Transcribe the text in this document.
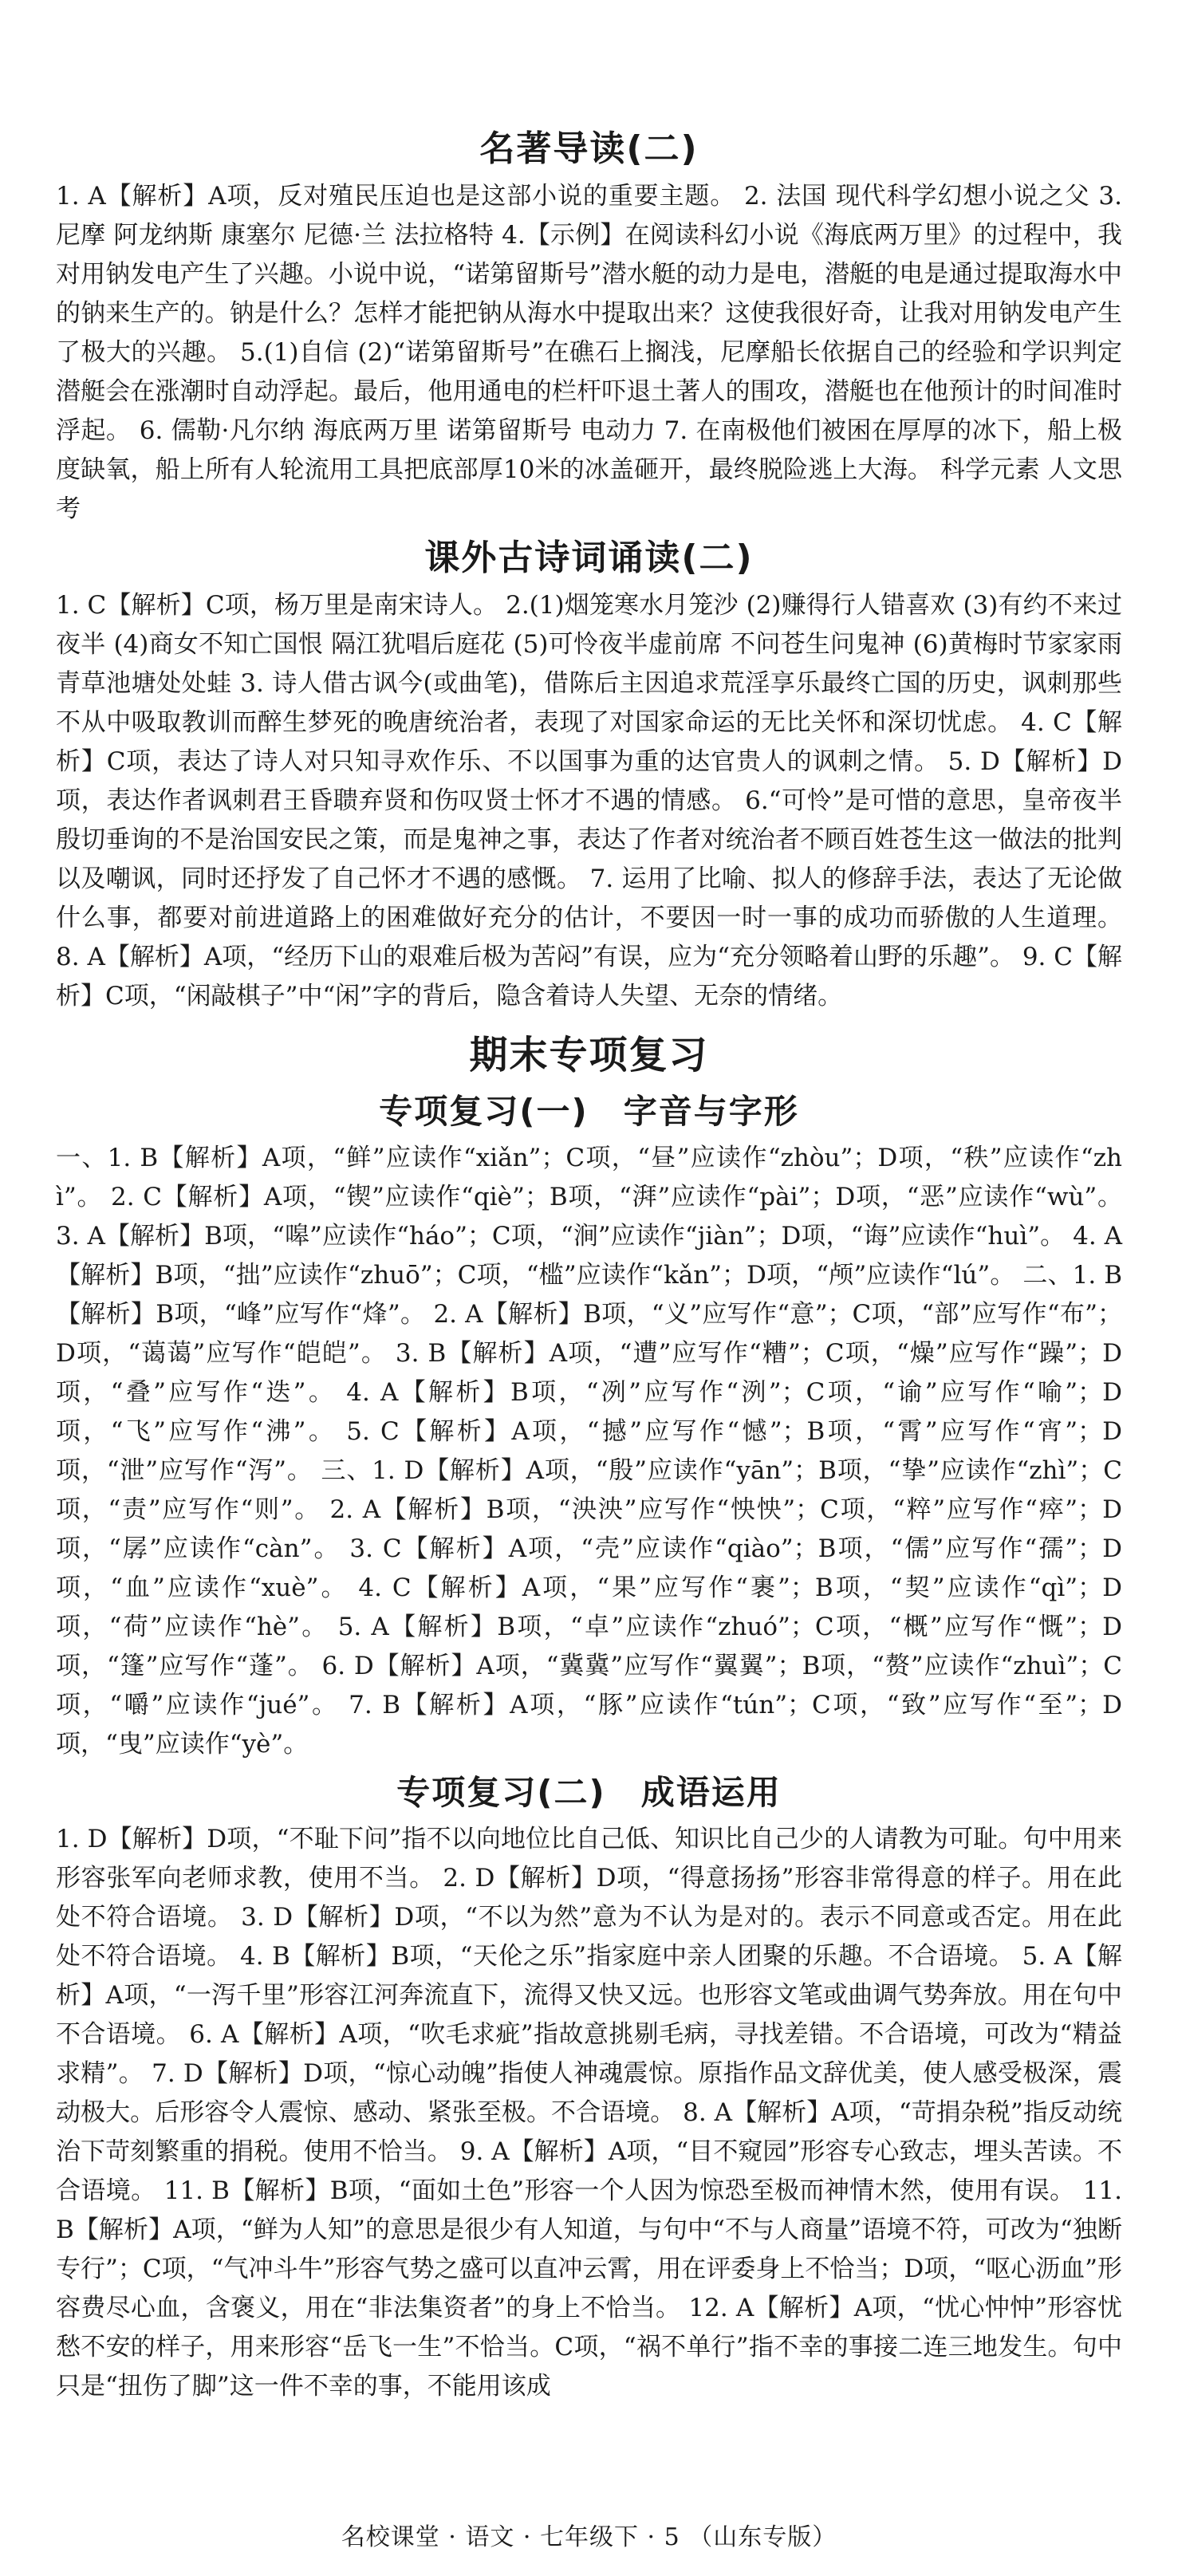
名著导读(二)

1. A【解析】A项，反对殖民压迫也是这部小说的重要主题。 2. 法国 现代科学幻想小说之父 3. 尼摩 阿龙纳斯 康塞尔 尼德·兰 法拉格特 4.【示例】在阅读科幻小说《海底两万里》的过程中，我对用钠发电产生了兴趣。小说中说，“诺第留斯号”潜水艇的动力是电，潜艇的电是通过提取海水中的钠来生产的。钠是什么？怎样才能把钠从海水中提取出来？这使我很好奇，让我对用钠发电产生了极大的兴趣。 5.(1)自信 (2)“诺第留斯号”在礁石上搁浅，尼摩船长依据自己的经验和学识判定潜艇会在涨潮时自动浮起。最后，他用通电的栏杆吓退土著人的围攻，潜艇也在他预计的时间准时浮起。 6. 儒勒·凡尔纳 海底两万里 诺第留斯号 电动力 7. 在南极他们被困在厚厚的冰下，船上极度缺氧，船上所有人轮流用工具把底部厚10米的冰盖砸开，最终脱险逃上大海。 科学元素 人文思考

课外古诗词诵读(二)

1. C【解析】C项，杨万里是南宋诗人。 2.(1)烟笼寒水月笼沙 (2)赚得行人错喜欢 (3)有约不来过夜半 (4)商女不知亡国恨 隔江犹唱后庭花 (5)可怜夜半虚前席 不问苍生问鬼神 (6)黄梅时节家家雨 青草池塘处处蛙 3. 诗人借古讽今(或曲笔)，借陈后主因追求荒淫享乐最终亡国的历史，讽刺那些不从中吸取教训而醉生梦死的晚唐统治者，表现了对国家命运的无比关怀和深切忧虑。 4. C【解析】C项，表达了诗人对只知寻欢作乐、不以国事为重的达官贵人的讽刺之情。 5. D【解析】D项，表达作者讽刺君王昏聩弃贤和伤叹贤士怀才不遇的情感。 6.“可怜”是可惜的意思，皇帝夜半殷切垂询的不是治国安民之策，而是鬼神之事，表达了作者对统治者不顾百姓苍生这一做法的批判以及嘲讽，同时还抒发了自己怀才不遇的感慨。 7. 运用了比喻、拟人的修辞手法，表达了无论做什么事，都要对前进道路上的困难做好充分的估计，不要因一时一事的成功而骄傲的人生道理。 8. A【解析】A项，“经历下山的艰难后极为苦闷”有误，应为“充分领略着山野的乐趣”。 9. C【解析】C项，“闲敲棋子”中“闲”字的背后，隐含着诗人失望、无奈的情绪。

期末专项复习
专项复习(一)　字音与字形

一、1. B【解析】A项，“鲜”应读作“xiǎn”；C项，“昼”应读作“zhòu”；D项，“秩”应读作“zhì”。 2. C【解析】A项，“锲”应读作“qiè”；B项，“湃”应读作“pài”；D项，“恶”应读作“wù”。 3. A【解析】B项，“嗥”应读作“háo”；C项，“涧”应读作“jiàn”；D项，“诲”应读作“huì”。 4. A【解析】B项，“拙”应读作“zhuō”；C项，“槛”应读作“kǎn”；D项，“颅”应读作“lú”。 二、1. B【解析】B项，“峰”应写作“烽”。 2. A【解析】B项，“义”应写作“意”；C项，“部”应写作“布”；D项，“蔼蔼”应写作“皑皑”。 3. B【解析】A项，“遭”应写作“糟”；C项，“燥”应写作“躁”；D项，“叠”应写作“迭”。 4. A【解析】B项，“冽”应写作“洌”；C项，“谕”应写作“喻”；D项，“飞”应写作“沸”。 5. C【解析】A项，“撼”应写作“憾”；B项，“霄”应写作“宵”；D项，“泄”应写作“泻”。 三、1. D【解析】A项，“殷”应读作“yān”；B项，“挚”应读作“zhì”；C项，“责”应写作“则”。 2. A【解析】B项，“泱泱”应写作“怏怏”；C项，“粹”应写作“瘁”；D项，“孱”应读作“càn”。 3. C【解析】A项，“壳”应读作“qiào”；B项，“儒”应写作“孺”；D项，“血”应读作“xuè”。 4. C【解析】A项，“果”应写作“裹”；B项，“契”应读作“qì”；D项，“荷”应读作“hè”。 5. A【解析】B项，“卓”应读作“zhuó”；C项，“概”应写作“慨”；D项，“篷”应写作“蓬”。 6. D【解析】A项，“冀冀”应写作“翼翼”；B项，“赘”应读作“zhuì”；C项，“嚼”应读作“jué”。 7. B【解析】A项，“豚”应读作“tún”；C项，“致”应写作“至”；D项，“曳”应读作“yè”。

专项复习(二)　成语运用

1. D【解析】D项，“不耻下问”指不以向地位比自己低、知识比自己少的人请教为可耻。句中用来形容张军向老师求教，使用不当。 2. D【解析】D项，“得意扬扬”形容非常得意的样子。用在此处不符合语境。 3. D【解析】D项，“不以为然”意为不认为是对的。表示不同意或否定。用在此处不符合语境。 4. B【解析】B项，“天伦之乐”指家庭中亲人团聚的乐趣。不合语境。 5. A【解析】A项，“一泻千里”形容江河奔流直下，流得又快又远。也形容文笔或曲调气势奔放。用在句中不合语境。 6. A【解析】A项，“吹毛求疵”指故意挑剔毛病，寻找差错。不合语境，可改为“精益求精”。 7. D【解析】D项，“惊心动魄”指使人神魂震惊。原指作品文辞优美，使人感受极深，震动极大。后形容令人震惊、感动、紧张至极。不合语境。 8. A【解析】A项，“苛捐杂税”指反动统治下苛刻繁重的捐税。使用不恰当。 9. A【解析】A项，“目不窥园”形容专心致志，埋头苦读。不合语境。 11. B【解析】B项，“面如土色”形容一个人因为惊恐至极而神情木然，使用有误。 11. B【解析】A项，“鲜为人知”的意思是很少有人知道，与句中“不与人商量”语境不符，可改为“独断专行”；C项，“气冲斗牛”形容气势之盛可以直冲云霄，用在评委身上不恰当；D项，“呕心沥血”形容费尽心血，含褒义，用在“非法集资者”的身上不恰当。 12. A【解析】A项，“忧心忡忡”形容忧愁不安的样子，用来形容“岳飞一生”不恰当。C项，“祸不单行”指不幸的事接二连三地发生。句中只是“扭伤了脚”这一件不幸的事，不能用该成

名校课堂 · 语文 · 七年级下 · 5 （山东专版）
